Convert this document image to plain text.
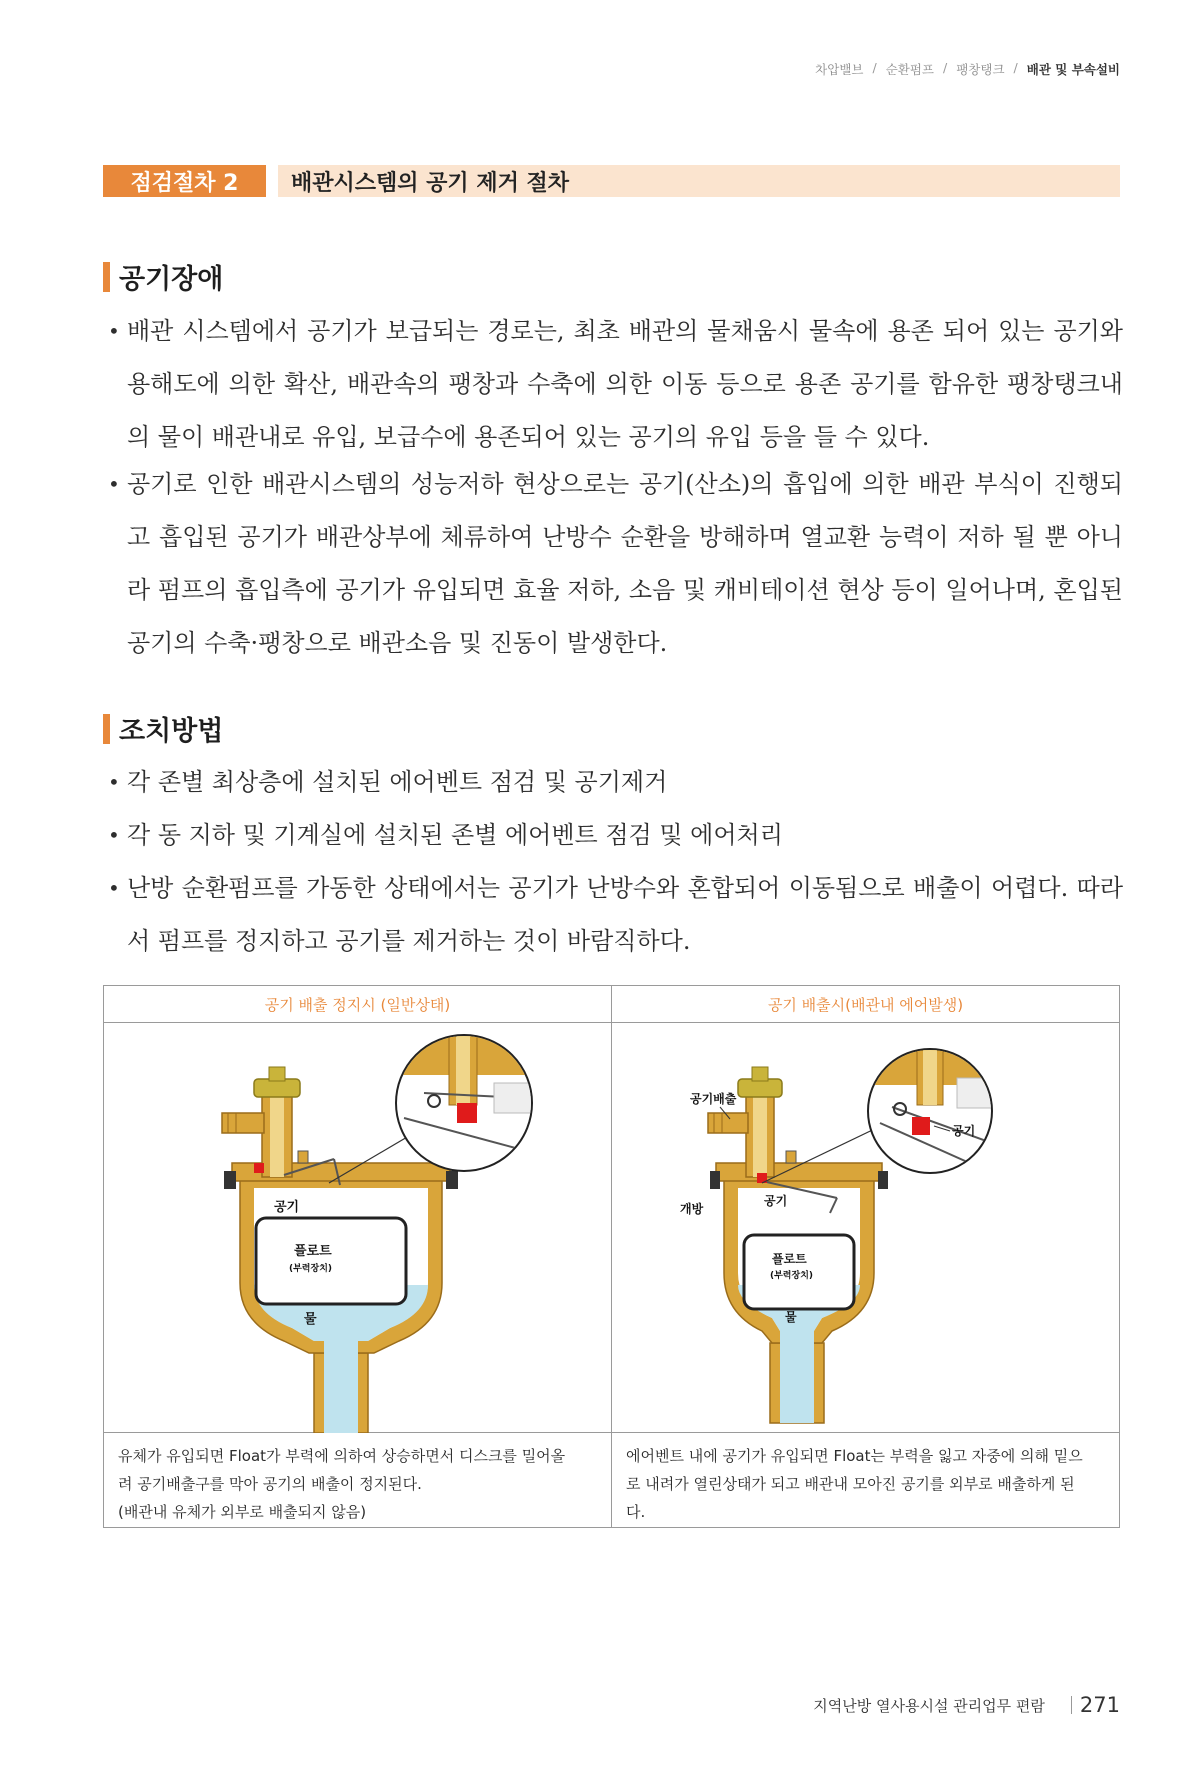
차압밸브 / 순환펌프 / 팽창탱크 / 배관 및 부속설비
점검절차 2	배관시스템의 공기 제거 절차
공기장애
• 배관 시스템에서 공기가 보급되는 경로는, 최초 배관의 물채움시 물속에 용존 되어 있는 공기와 용해도에 의한 확산, 배관속의 팽창과 수축에 의한 이동 등으로 용존 공기를 함유한 팽창탱크내의 물이 배관내로 유입, 보급수에 용존되어 있는 공기의 유입 등을 들 수 있다.
• 공기로 인한 배관시스템의 성능저하 현상으로는 공기(산소)의 흡입에 의한 배관 부식이 진행되고 흡입된 공기가 배관상부에 체류하여 난방수 순환을 방해하며 열교환 능력이 저하 될 뿐 아니라 펌프의 흡입측에 공기가 유입되면 효율 저하, 소음 및 캐비테이션 현상 등이 일어나며, 혼입된 공기의 수축·팽창으로 배관소음 및 진동이 발생한다.
조치방법
• 각 존별 최상층에 설치된 에어벤트 점검 및 공기제거
• 각 동 지하 및 기계실에 설치된 존별 에어벤트 점검 및 에어처리
• 난방 순환펌프를 가동한 상태에서는 공기가 난방수와 혼합되어 이동됨으로 배출이 어렵다. 따라서 펌프를 정지하고 공기를 제거하는 것이 바람직하다.
공기 배출 정지시 (일반상태)
공기
플로트
(부력장치)
물
유체가 유입되면 Float가 부력에 의하여 상승하면서 디스크를 밀어올
려 공기배출구를 막아 공기의 배출이 정지된다.
(배관내 유체가 외부로 배출되지 않음)
공기 배출시(배관내 에어발생)
공기배출
개방
공기
플로트
(부력장치)
물
공기
에어벤트 내에 공기가 유입되면 Float는 부력을 잃고 자중에 의해 밑으
로 내려가 열린상태가 되고 배관내 모아진 공기를 외부로 배출하게 된
다.
지역난방 열사용시설 관리업무 편람 271
